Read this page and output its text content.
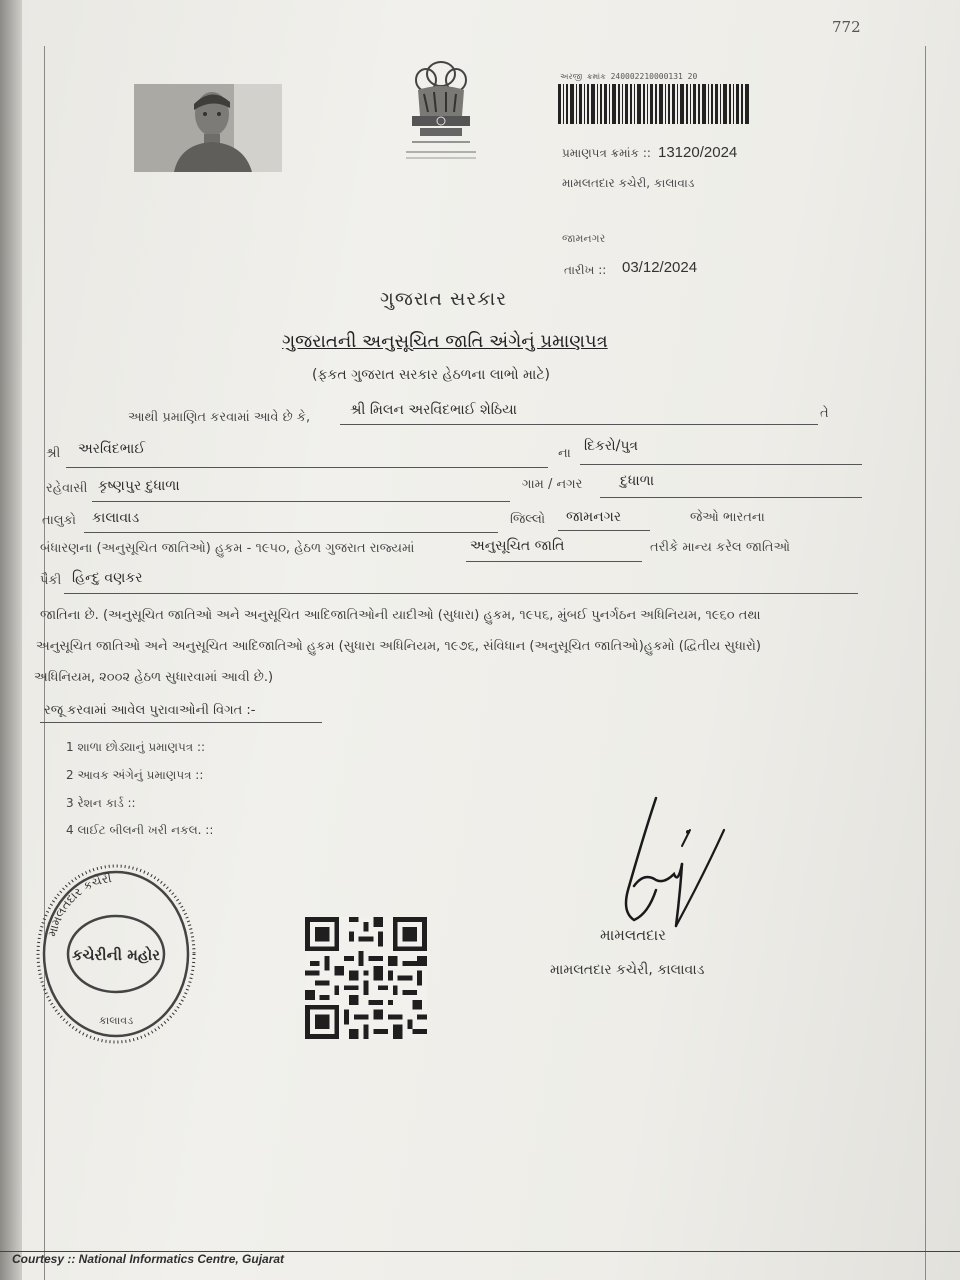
772
અરજી ક્રમાંક 240002210000131 20
પ્રમાણપત્ર ક્રમાંક :: 13120/2024
મામલતદાર કચેરી, કાલાવાડ
જામનગર
તારીખ :: 03/12/2024
ગુજરાત સરકાર
ગુજરાતની અનુસૂચિત જાતિ અંગેનું પ્રમાણપત્ર
(ફકત ગુજરાત સરકાર હેઠળના લાભો માટે)
આથી પ્રમાણિત કરવામાં આવે છે કે,	શ્રી મિલન અરવિંદભાઈ શેઠિયા	તે
શ્રી અરવિંદભાઈ	ના દિકરો/પુત્ર
રહેવાસી કૃષ્ણપુર દુધાળા	ગામ / નગર	દુધાળા
તાલુકો કાલાવાડ	જિલ્લો જામનગર	જેઓ ભારતના
બંધારણના (અનુસૂચિત જાતિઓ) હુકમ - ૧૯૫૦, હેઠળ ગુજરાત રાજ્યમાં	અનુસૂચિત જાતિ	તરીકે માન્ય કરેલ જાતિઓ
પૈકી હિન્દુ વણકર
જાતિના છે. (અનુસૂચિત જાતિઓ અને અનુસૂચિત આદિજાતિઓની યાદીઓ (સુધારા) હુકમ, ૧૯૫૬, મુંબઈ પુનર્ગઠન અધિનિયમ, ૧૯૬૦ તથા
અનુસૂચિત જાતિઓ અને અનુસૂચિત આદિજાતિઓ હુકમ (સુધારા અધિનિયમ, ૧૯૭૬, સંવિધાન (અનુસૂચિત જાતિઓ)હુકમો (દ્વિતીય સુધારો)
અધિનિયમ, ૨૦૦૨ હેઠળ સુધારવામાં આવી છે.)
રજૂ કરવામાં આવેલ પુરાવાઓની વિગત :-
1 શાળા છોડ્યાનું પ્રમાણપત્ર ::
2 આવક અંગેનું પ્રમાણપત્ર ::
3 રેશન કાર્ડ ::
4 લાઈટ બીલની ખરી નકલ. ::
મામલતદાર કચેરી
કચેરીની મહોર
કાલાવડ
મામલતદાર
મામલતદાર કચેરી, કાલાવાડ
Courtesy :: National Informatics Centre, Gujarat
